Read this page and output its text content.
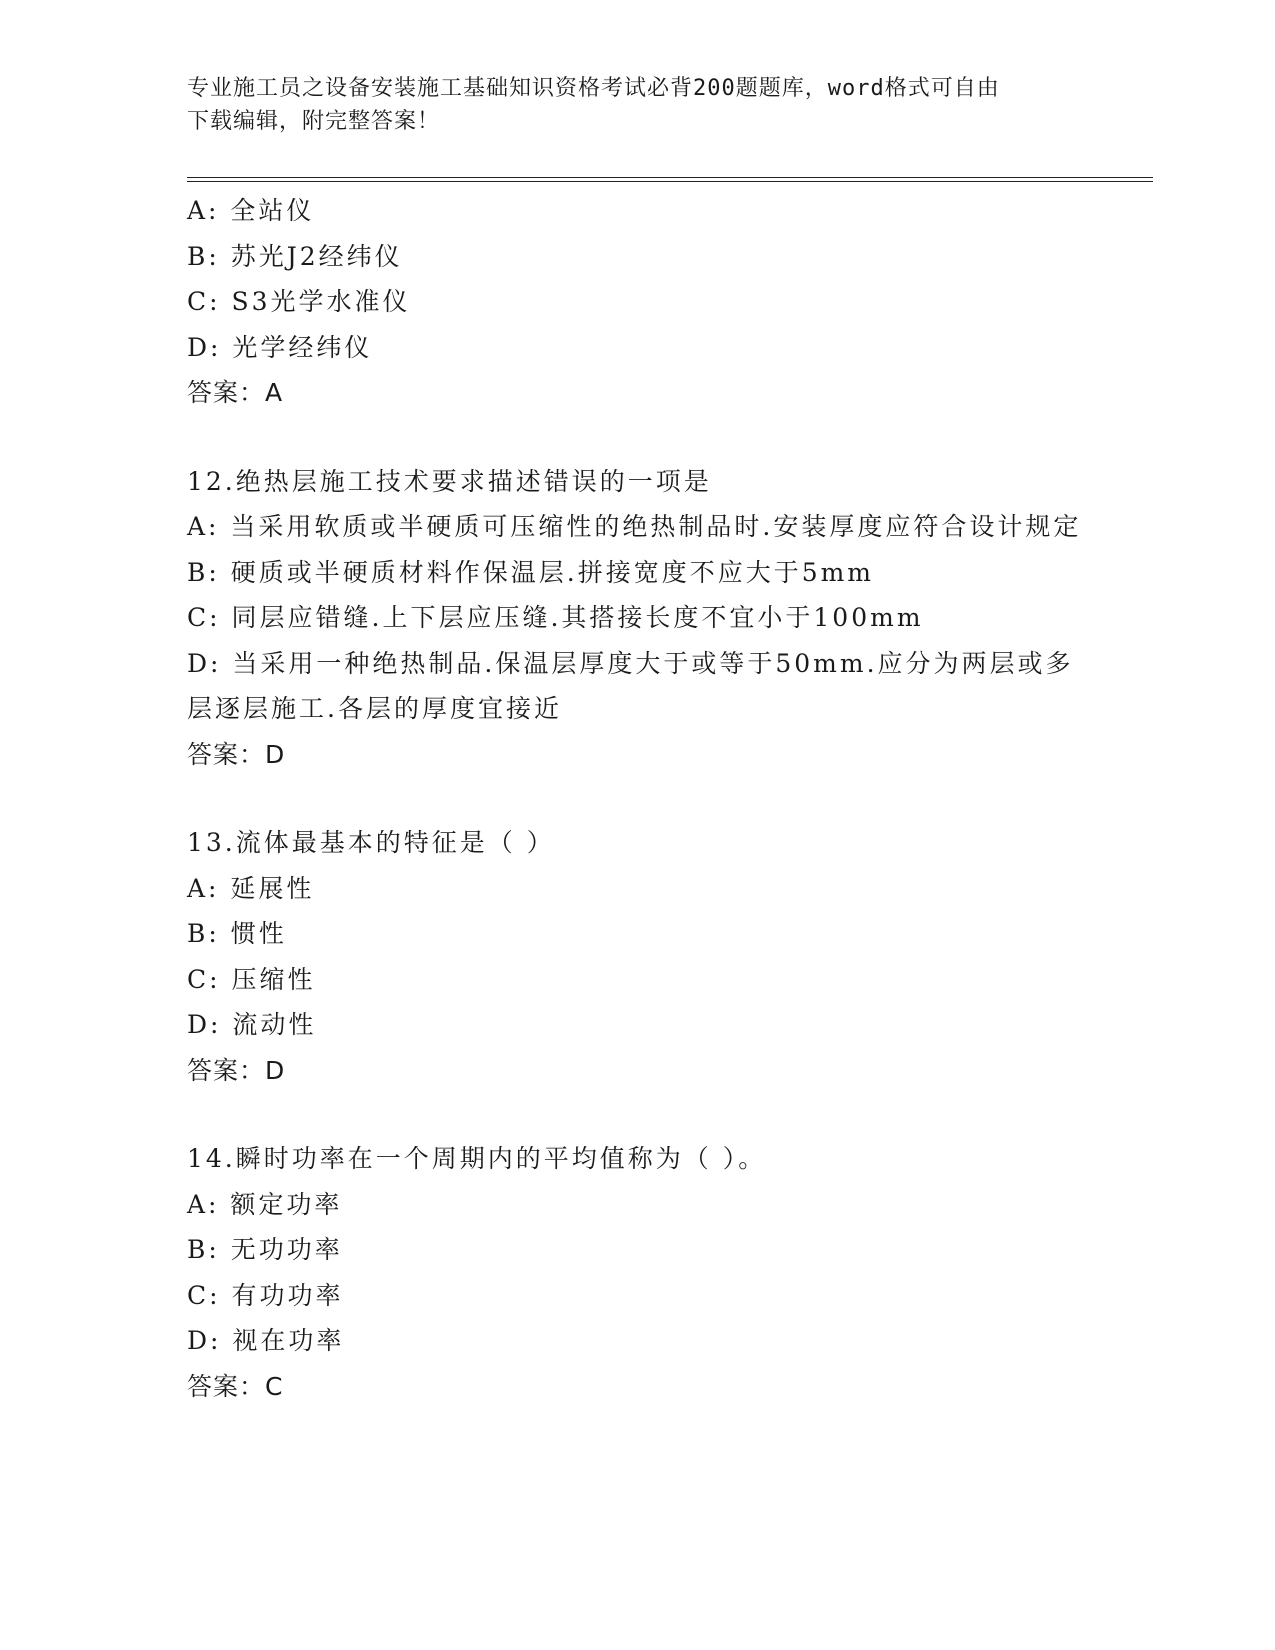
专业施工员之设备安装施工基础知识资格考试必背200题题库，word格式可自由
下载编辑，附完整答案！
A: 全站仪
B: 苏光J2经纬仪
C: S3光学水准仪
D: 光学经纬仪
答案：A
12.绝热层施工技术要求描述错误的一项是
A: 当采用软质或半硬质可压缩性的绝热制品时.安装厚度应符合设计规定
B: 硬质或半硬质材料作保温层.拼接宽度不应大于5mm
C: 同层应错缝.上下层应压缝.其搭接长度不宜小于100mm
D: 当采用一种绝热制品.保温层厚度大于或等于50mm.应分为两层或多层逐层施工.各层的厚度宜接近
答案：D
13.流体最基本的特征是（ ）
A: 延展性
B: 惯性
C: 压缩性
D: 流动性
答案：D
14.瞬时功率在一个周期内的平均值称为（ ）。
A: 额定功率
B: 无功功率
C: 有功功率
D: 视在功率
答案：C
